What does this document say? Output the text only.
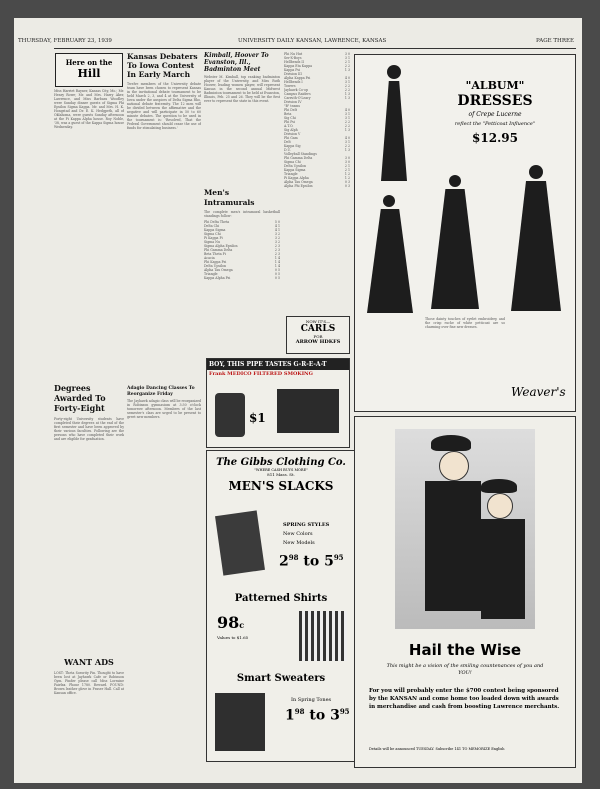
THURSDAY, FEBRUARY 23, 1939	UNIVERSITY DAILY KANSAN, LAWRENCE, KANSAS	PAGE THREE
Here on the
Hill
Miss Harriet Rayner, Kansas City, Mo.; Mr. Henry Rowe; Mr. and Mrs. Harry Aker, Lawrence, and Miss Barbara Woodley were Sunday dinner guests of Sigma Phi Epsilon Sigma Kappa. Mr. and Mrs. H. K. Hongstad and Dr. E. K. Hedgpeth, all of Oklahoma, were guests Sunday afternoon at the Pi Kappa Alpha house. Roy Noble, '38, was a guest of the Kappa Sigma house Wednesday.
Degrees Awarded To Forty-Eight
Forty-eight University students have completed their degrees at the end of the first semester and have been approved by their various faculties. Following are the persons who have completed their work and are eligible for graduation.
WANT ADS
LOST: Theta Sorority Pin. Thought to have been lost at Jayhawk Cafe or Robinson Gym. Finder please call Miss Lorraine Fairfax. Phone 1780. Reward. FOUND: Brown leather glove in Fraser Hall. Call at Kansan office.
Kansas Debaters To Iowa Contest In Early March
Twelve members of the University debate team have been chosen to represent Kansas in the invitational debate tournament to be held March 2, 3, and 4 at the University of Iowa under the auspices of Delta Sigma Rho, national debate fraternity. The 12 men will be divided between the affirmative and the negative and will participate in 50 to 60 minute debates. The question to be used in the tournament is: 'Resolved, That the Federal Government should cease the use of funds for stimulating business.'
Adagio Dancing Classes To Reorganize Friday
The Jayhawk adagio class will be reorganized in Robinson gymnasium at 3:30 o'clock tomorrow afternoon. Members of the last semester's class are urged to be present to greet new members.
Kimball, Hoover To Evanston, Ill., Badminton Meet
Webster M. Kimball, top ranking badminton player of the University, and Miss Ruth Hoover, leading women player, will represent Kansas in the second annual Midwest Badminton tournament to be held at Evanston, Illinois, Feb. 25 and 26. They will be the first ever to represent the state in this event.
Men's Intramurals
The complete men's intramural basketball standings follow:
Phi Delta Theta	5 0
Delta Chi	4 1
Kappa Sigma	4 1
Sigma Chi	3 2
Pi Kappa Pi	3 2
Sigma Nu	3 2
Sigma Alpha Epsilon	2 3
Phi Gamma Delta	2 3
Beta Theta Pi	2 3
Acacia	1 4
Phi Kappa Psi	1 4
Delta Upsilon	1 4
Alpha Tau Omega	0 5
Triangle	0 5
Kappa Alpha Psi	0 5
Phi Nu Hut	3 0
Ser-X-Boys	3 1
Hellbends II	2 1
Kappa Eta Kappa	2 2
Kappa Psi	1 3
Division III
Alpha Kappa Psi	4 0
Hellbends I	3 1
Towers	2 2
Jayhawk Co-op	2 2
Campus Raiders	1 3
Carruth-O'Leary	1 3
Division IV
"B" teams
Phi Delt	4 0
Beta	3 1
Sig Chi	3 1
Phi Psi	2 2
A.T.O.	2 2
Sig Alph	1 3
Division V
Phi Gam	4 0
Delt	3 1
Kappa Sig	2 2
D.U.	1 3
Volleyball Standings
Phi Gamma Delta	3 0
Sigma Chi	3 0
Delta Upsilon	2 1
Kappa Sigma	2 1
Triangle	1 2
Pi Kappa Alpha	1 2
Alpha Tau Omega	0 3
Alpha Phi Epsilon	0 3
NOW IT'S—
CARLS
FOR
ARROW HDKFS
BOY, THIS PIPE TASTES G-R-E-A-T
Frank MEDICO FILTERED SMOKING
$1
The Gibbs Clothing Co.
"WHERE CASH BUYS MORE"
811 Mass. St.
MEN'S SLACKS
SPRING STYLES
New Colors
New Models
$2^{98}$ to $5^{95}$
Patterned Shirts
98c
Values to $1.65
Smart Sweaters
In Spring Tones
$1^{98}$ to $3^{95}$
"ALBUM"
DRESSES
of Crepe Lucerne
reflect the "Petticoat Influence"
$12.95
Those dainty touches of eyelet embroidery, and the crisp ruche of white petticoat are so charming over fine new dresses.
Weaver's
Hail the Wise
This might be a vision of the smiling countenances of you and YOU!
For you will probably enter the $700 contest being sponsored by the KANSAN and come home too loaded down with awards in merchandise and cash from boosting Lawrence merchants.
Details will be announced TUESDAY. Subscribe 141 TO MEMORIZE English
